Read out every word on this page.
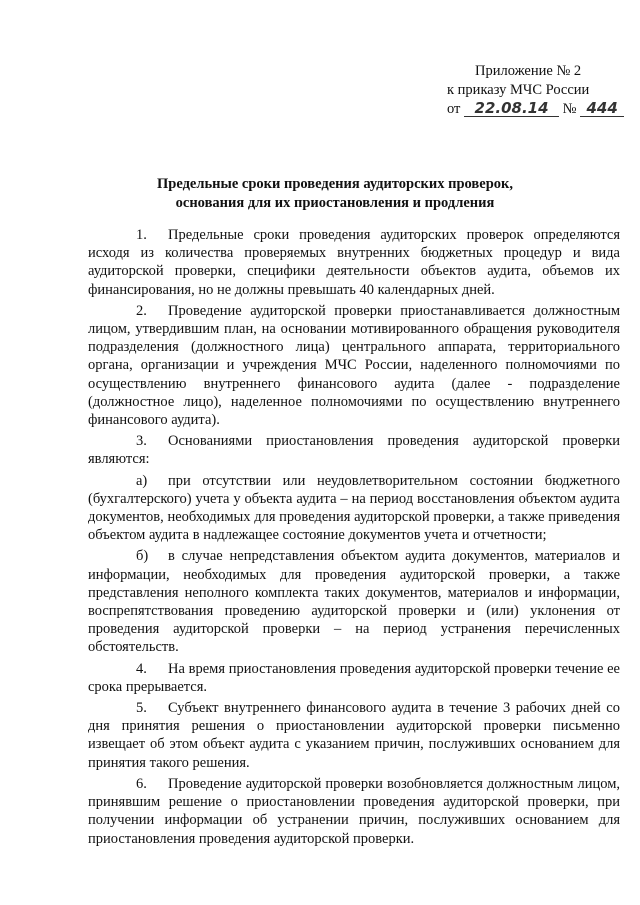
Приложение № 2
к приказу МЧС России
от 22.08.14 № 444
Предельные сроки проведения аудиторских проверок,
основания для их приостановления и продления

1. Предельные сроки проведения аудиторских проверок определяются исходя из количества проверяемых внутренних бюджетных процедур и вида аудиторской проверки, специфики деятельности объектов аудита, объемов их финансирования, но не должны превышать 40 календарных дней.

2. Проведение аудиторской проверки приостанавливается должностным лицом, утвердившим план, на основании мотивированного обращения руководителя подразделения (должностного лица) центрального аппарата, территориального органа, организации и учреждения МЧС России, наделенного полномочиями по осуществлению внутреннего финансового аудита (далее - подразделение (должностное лицо), наделенное полномочиями по осуществлению внутреннего финансового аудита).

3. Основаниями приостановления проведения аудиторской проверки являются:

а) при отсутствии или неудовлетворительном состоянии бюджетного (бухгалтерского) учета у объекта аудита – на период восстановления объектом аудита документов, необходимых для проведения аудиторской проверки, а также приведения объектом аудита в надлежащее состояние документов учета и отчетности;

б) в случае непредставления объектом аудита документов, материалов и информации, необходимых для проведения аудиторской проверки, а также представления неполного комплекта таких документов, материалов и информации, воспрепятствования проведению аудиторской проверки и (или) уклонения от проведения аудиторской проверки – на период устранения перечисленных обстоятельств.

4. На время приостановления проведения аудиторской проверки течение ее срока прерывается.

5. Субъект внутреннего финансового аудита в течение 3 рабочих дней со дня принятия решения о приостановлении аудиторской проверки письменно извещает об этом объект аудита с указанием причин, послуживших основанием для принятия такого решения.

6. Проведение аудиторской проверки возобновляется должностным лицом, принявшим решение о приостановлении проведения аудиторской проверки, при получении информации об устранении причин, послуживших основанием для приостановления проведения аудиторской проверки.
